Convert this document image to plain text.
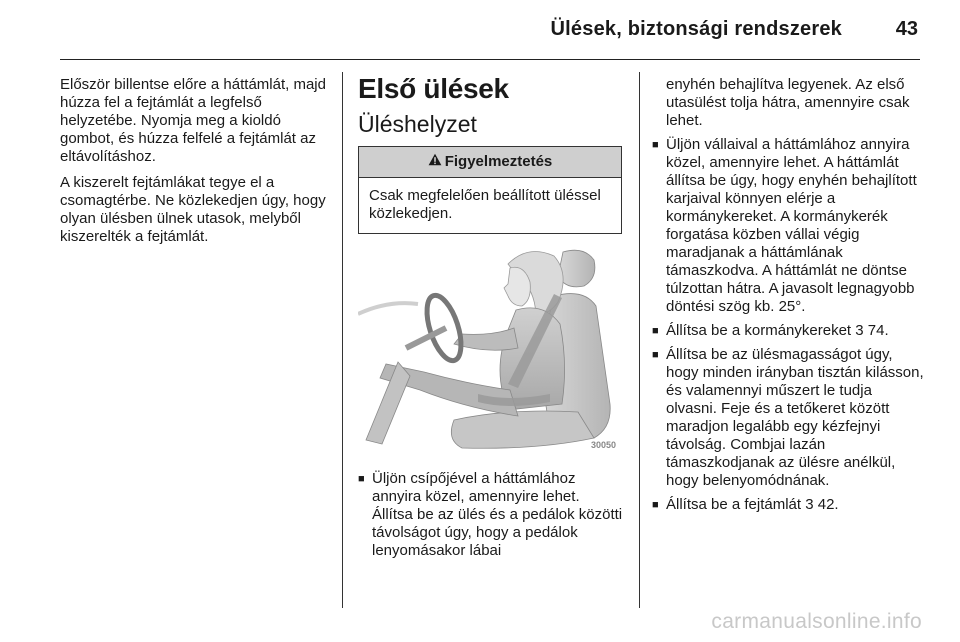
Ülések, biztonsági rendszerek	43

Először billentse előre a háttámlát, majd húzza fel a fejtámlát a legfelső helyzetébe. Nyomja meg a kioldó gombot, és húzza felfelé a fejtámlát az eltávolításhoz.

A kiszerelt fejtámlákat tegye el a csomagtérbe. Ne közlekedjen úgy, hogy olyan ülésben ülnek utasok, melyből kiszerelték a fejtámlát.

Első ülések
Üléshelyzet
Figyelmeztetés
Csak megfelelően beállított üléssel közlekedjen.
30050
■ Üljön csípőjével a háttámlához annyira közel, amennyire lehet. Állítsa be az ülés és a pedálok közötti távolságot úgy, hogy a pedálok lenyomásakor lábai
enyhén behajlítva legyenek. Az első utasülést tolja hátra, amennyire csak lehet.
■ Üljön vállaival a háttámlához annyira közel, amennyire lehet. A háttámlát állítsa be úgy, hogy enyhén behajlított karjaival könnyen elérje a kormánykereket. A kormánykerék forgatása közben vállai végig maradjanak a háttámlának támaszkodva. A háttámlát ne döntse túlzottan hátra. A javasolt legnagyobb döntési szög kb. 25°.
■ Állítsa be a kormánykereket 3 74.
■ Állítsa be az ülésmagasságot úgy, hogy minden irányban tisztán kilásson, és valamennyi műszert le tudja olvasni. Feje és a tetőkeret között maradjon legalább egy kézfejnyi távolság. Combjai lazán támaszkodjanak az ülésre anélkül, hogy belenyomódnának.
■ Állítsa be a fejtámlát 3 42.
carmanualsonline.info
